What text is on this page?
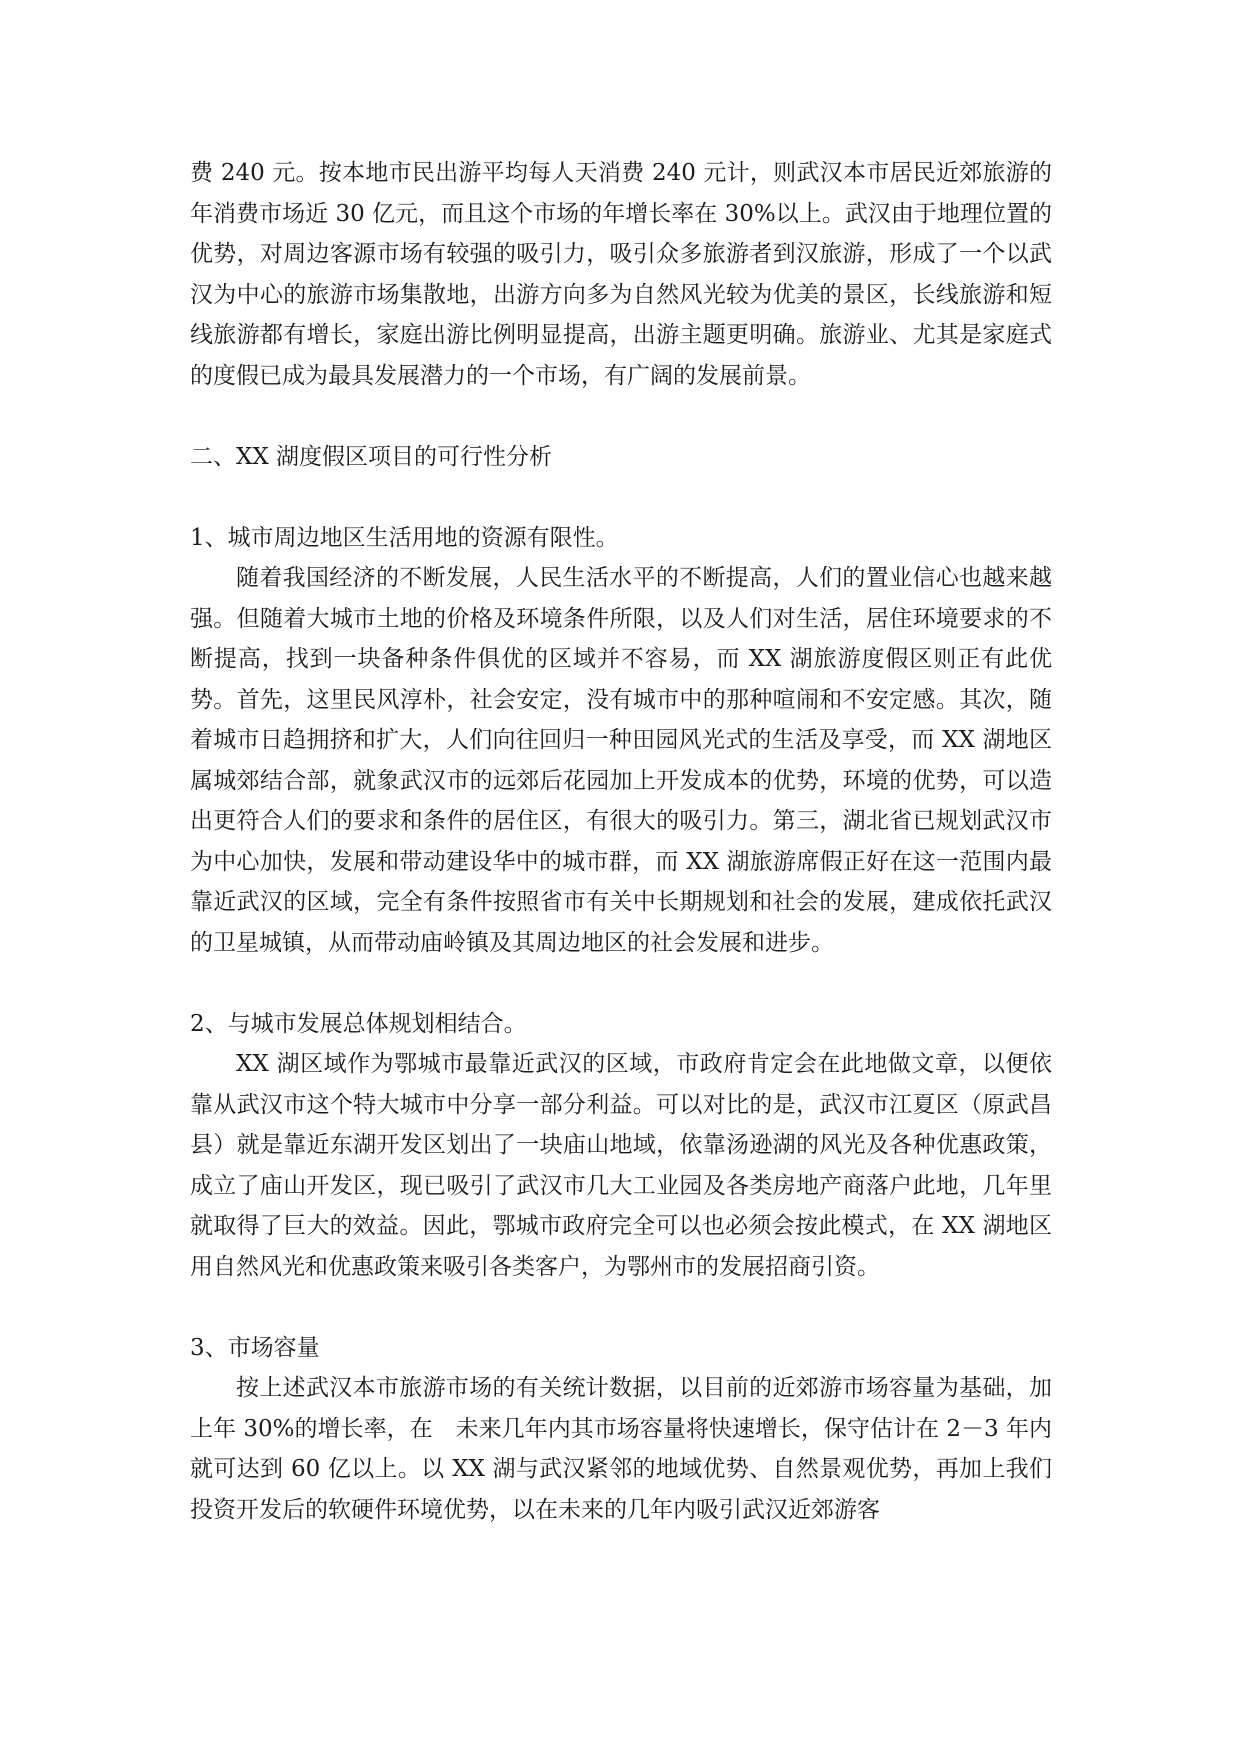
费 240 元。按本地市民出游平均每人天消费 240 元计，则武汉本市居民近郊旅游的年消费市场近 30 亿元，而且这个市场的年增长率在 30%以上。武汉由于地理位置的优势，对周边客源市场有较强的吸引力，吸引众多旅游者到汉旅游，形成了一个以武汉为中心的旅游市场集散地，出游方向多为自然风光较为优美的景区，长线旅游和短线旅游都有增长，家庭出游比例明显提高，出游主题更明确。旅游业、尤其是家庭式的度假已成为最具发展潜力的一个市场，有广阔的发展前景。

二、XX 湖度假区项目的可行性分析

1、城市周边地区生活用地的资源有限性。

随着我国经济的不断发展，人民生活水平的不断提高，人们的置业信心也越来越强。但随着大城市土地的价格及环境条件所限，以及人们对生活，居住环境要求的不断提高，找到一块备种条件俱优的区域并不容易，而 XX 湖旅游度假区则正有此优势。首先，这里民风淳朴，社会安定，没有城市中的那种喧闹和不安定感。其次，随着城市日趋拥挤和扩大，人们向往回归一种田园风光式的生活及享受，而 XX 湖地区属城郊结合部，就象武汉市的远郊后花园加上开发成本的优势，环境的优势，可以造出更符合人们的要求和条件的居住区，有很大的吸引力。第三，湖北省已规划武汉市为中心加快，发展和带动建设华中的城市群，而 XX 湖旅游席假正好在这一范围内最靠近武汉的区域，完全有条件按照省市有关中长期规划和社会的发展，建成依托武汉的卫星城镇，从而带动庙岭镇及其周边地区的社会发展和进步。

2、与城市发展总体规划相结合。

XX 湖区域作为鄂城市最靠近武汉的区域，市政府肯定会在此地做文章，以便依靠从武汉市这个特大城市中分享一部分利益。可以对比的是，武汉市江夏区（原武昌县）就是靠近东湖开发区划出了一块庙山地域，依靠汤逊湖的风光及各种优惠政策，成立了庙山开发区，现已吸引了武汉市几大工业园及各类房地产商落户此地，几年里就取得了巨大的效益。因此，鄂城市政府完全可以也必须会按此模式，在 XX 湖地区用自然风光和优惠政策来吸引各类客户，为鄂州市的发展招商引资。

3、市场容量

按上述武汉本市旅游市场的有关统计数据，以目前的近郊游市场容量为基础，加上年 30%的增长率，在　未来几年内其市场容量将快速增长，保守估计在 2－3 年内就可达到 60 亿以上。以 XX 湖与武汉紧邻的地域优势、自然景观优势，再加上我们投资开发后的软硬件环境优势，以在未来的几年内吸引武汉近郊游客
